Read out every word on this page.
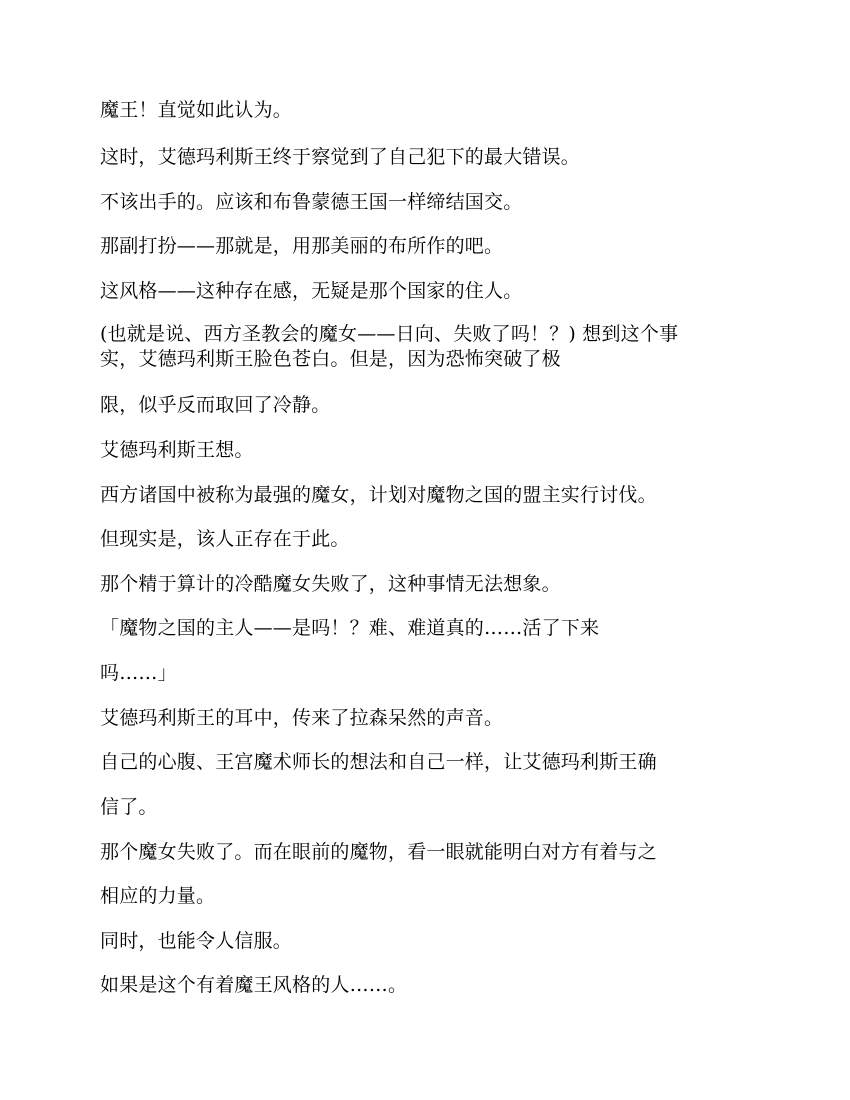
魔王！直觉如此认为。
这时，艾德玛利斯王终于察觉到了自己犯下的最大错误。
不该出手的。应该和布鲁蒙德王国一样缔结国交。
那副打扮——那就是，用那美丽的布所作的吧。
这风格——这种存在感，无疑是那个国家的住人。
(也就是说、西方圣教会的魔女——日向、失败了吗！？) 想到这个事
实，艾德玛利斯王脸色苍白。但是，因为恐怖突破了极
限，似乎反而取回了冷静。
艾德玛利斯王想。
西方诸国中被称为最强的魔女，计划对魔物之国的盟主实行讨伐。
但现实是，该人正存在于此。
那个精于算计的冷酷魔女失败了，这种事情无法想象。
「魔物之国的主人——是吗！？难、难道真的……活了下来
吗……」
艾德玛利斯王的耳中，传来了拉森呆然的声音。
自己的心腹、王宫魔术师长的想法和自己一样，让艾德玛利斯王确
信了。
那个魔女失败了。而在眼前的魔物，看一眼就能明白对方有着与之
相应的力量。
同时，也能令人信服。
如果是这个有着魔王风格的人……。
